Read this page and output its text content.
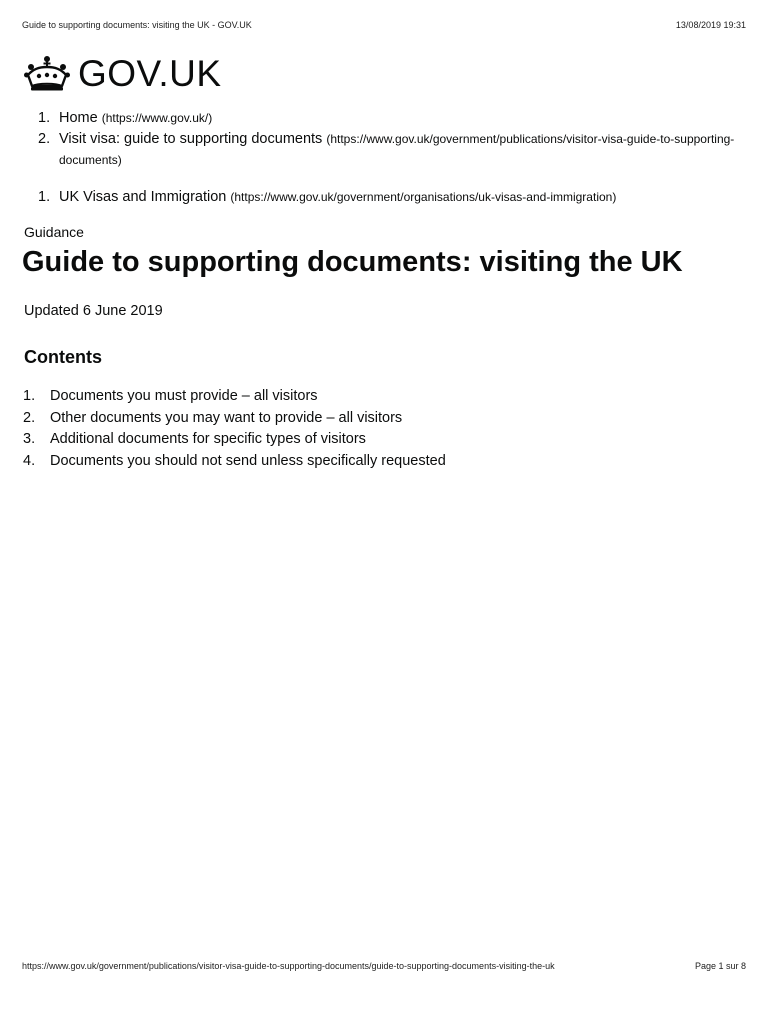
Guide to supporting documents: visiting the UK - GOV.UK	13/08/2019 19:31
GOV.UK
1. Home (https://www.gov.uk/)
2. Visit visa: guide to supporting documents (https://www.gov.uk/government/publications/visitor-visa-guide-to-supporting-documents)
1. UK Visas and Immigration (https://www.gov.uk/government/organisations/uk-visas-and-immigration)
Guidance
Guide to supporting documents: visiting the UK
Updated 6 June 2019
Contents
1. Documents you must provide – all visitors
2. Other documents you may want to provide – all visitors
3. Additional documents for specific types of visitors
4. Documents you should not send unless specifically requested
https://www.gov.uk/government/publications/visitor-visa-guide-to-supporting-documents/guide-to-supporting-documents-visiting-the-uk	Page 1 sur 8
